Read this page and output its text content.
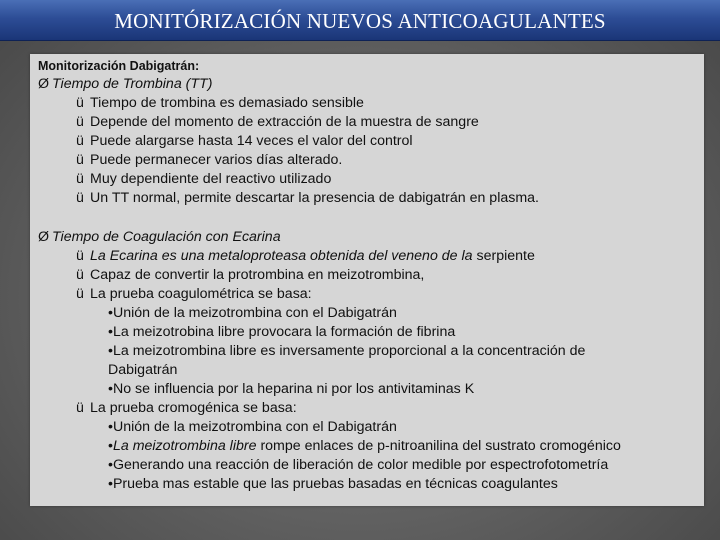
MONITÓRIZACIÓN NUEVOS ANTICOAGULANTES
Monitorización Dabigatrán:
Ø Tiempo de Trombina (TT)
ü Tiempo de trombina es demasiado sensible
ü Depende del momento de extracción de la muestra de sangre
ü Puede alargarse hasta 14 veces el valor del control
ü Puede permanecer varios días alterado.
ü Muy dependiente del reactivo utilizado
ü Un TT normal, permite descartar la presencia de dabigatrán en plasma.
Ø Tiempo de Coagulación con Ecarina
ü La Ecarina es una metaloproteasa obtenida del veneno de la serpiente
ü Capaz de convertir la protrombina en meizotrombina,
ü La prueba coagulométrica se basa:
•Unión de la meizotrombina con el Dabigatrán
•La meizotrobina libre provocara la formación de fibrina
•La meizotrombina libre es inversamente proporcional a la concentración de
Dabigatrán
•No se influencia por la heparina ni por los antivitaminas K
ü La prueba cromogénica se basa:
•Unión de la meizotrombina con el Dabigatrán
•La meizotrombina libre rompe enlaces de p-nitroanilina del sustrato cromogénico
•Generando una reacción de liberación de color medible por espectrofotometría
•Prueba mas estable que las pruebas basadas en técnicas coagulantes
